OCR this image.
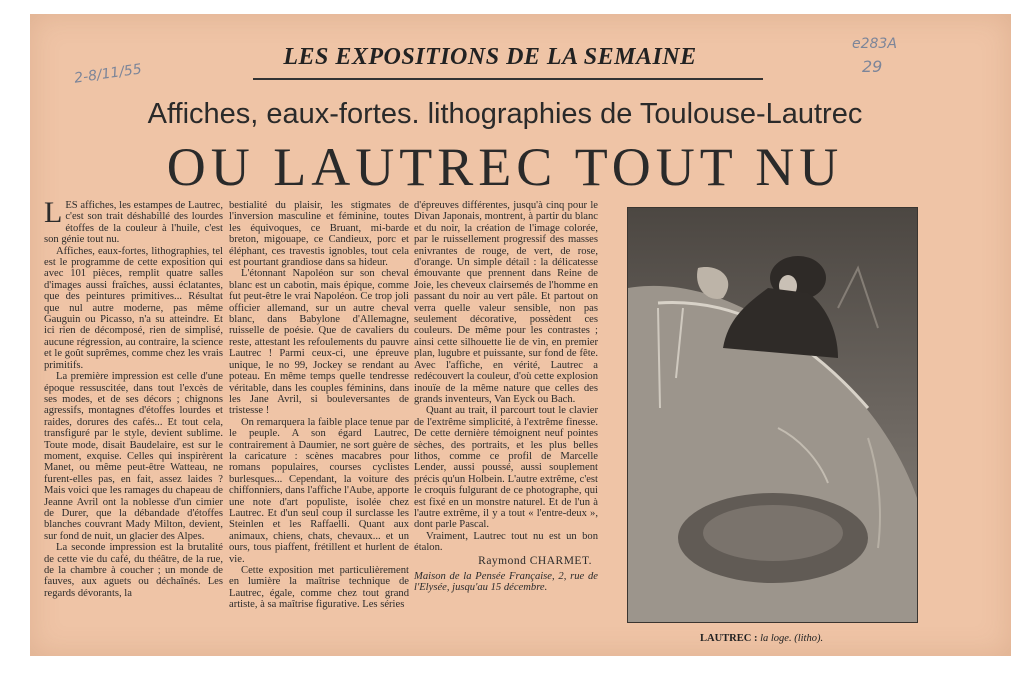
2-8/11/55
e283A
29
LES EXPOSITIONS DE LA SEMAINE
Affiches, eaux-fortes. lithographies de Toulouse-Lautrec
OU LAUTREC TOUT NU

LES affiches, les estampes de Lautrec, c'est son trait déshabillé des lourdes étoffes de la couleur à l'huile, c'est son génie tout nu.

Affiches, eaux-fortes, lithographies, tel est le programme de cette exposition qui avec 101 pièces, remplit quatre salles d'images aussi fraîches, aussi éclatantes, que des peintures primitives... Résultat que nul autre moderne, pas même Gauguin ou Picasso, n'a su atteindre. Et ici rien de décomposé, rien de simplisé, aucune régression, au contraire, la science et le goût suprêmes, comme chez les vrais primitifs.

La première impression est celle d'une époque ressuscitée, dans tout l'excès de ses modes, et de ses décors ; chignons agressifs, montagnes d'étoffes lourdes et raides, dorures des cafés... Et tout cela, transfiguré par le style, devient sublime. Toute mode, disait Baudelaire, est sur le moment, exquise. Celles qui inspirèrent Manet, ou même peut-être Watteau, ne furent-elles pas, en fait, assez laides ? Mais voici que les ramages du chapeau de Jeanne Avril ont la noblesse d'un cimier de Durer, que la débandade d'étoffes blanches couvrant Mady Milton, devient, sur fond de nuit, un glacier des Alpes.

La seconde impression est la brutalité de cette vie du café, du théâtre, de la rue, de la chambre à coucher ; un monde de fauves, aux aguets ou déchaînés. Les regards dévorants, la

bestialité du plaisir, les stigmates de l'inversion masculine et féminine, toutes les équivoques, ce Bruant, mi-barde breton, migouape, ce Candieux, porc et éléphant, ces travestis ignobles, tout cela est pourtant grandiose dans sa hideur.

L'étonnant Napoléon sur son cheval blanc est un cabotin, mais épique, comme fut peut-être le vrai Napoléon. Ce trop joli officier allemand, sur un autre cheval blanc, dans Babylone d'Allemagne, ruisselle de poésie. Que de cavaliers du reste, attestant les refoulements du pauvre Lautrec ! Parmi ceux-ci, une épreuve unique, le no 99, Jockey se rendant au poteau. En même temps quelle tendresse véritable, dans les couples féminins, dans les Jane Avril, si bouleversantes de tristesse !

On remarquera la faible place tenue par le peuple. A son égard Lautrec, contrairement à Daumier, ne sort guère de la caricature : scènes macabres pour romans populaires, courses cyclistes burlesques... Cependant, la voiture des chiffonniers, dans l'affiche l'Aube, apporte une note d'art populiste, isolée chez Lautrec. Et d'un seul coup il surclasse les Steinlen et les Raffaelli. Quant aux animaux, chiens, chats, chevaux... et un ours, tous piaffent, frétillent et hurlent de vie.

Cette exposition met particulièrement en lumière la maîtrise technique de Lautrec, égale, comme chez tout grand artiste, à sa maîtrise figurative. Les séries

d'épreuves différentes, jusqu'à cinq pour le Divan Japonais, montrent, à partir du blanc et du noir, la création de l'image colorée, par le ruissellement progressif des masses enivrantes de rouge, de vert, de rose, d'orange. Un simple détail : la délicatesse émouvante que prennent dans Reine de Joie, les cheveux clairsemés de l'homme en passant du noir au vert pâle. Et partout on verra quelle valeur sensible, non pas seulement décorative, possèdent ces couleurs. De même pour les contrastes ; ainsi cette silhouette lie de vin, en premier plan, lugubre et puissante, sur fond de fête. Avec l'affiche, en vérité, Lautrec a redécouvert la couleur, d'où cette explosion inouïe de la même nature que celles des grands inventeurs, Van Eyck ou Bach.

Quant au trait, il parcourt tout le clavier de l'extrême simplicité, à l'extrême finesse. De cette dernière témoignent neuf pointes sèches, des portraits, et les plus belles lithos, comme ce profil de Marcelle Lender, aussi poussé, aussi souplement précis qu'un Holbein. L'autre extrême, c'est le croquis fulgurant de ce photographe, qui est fixé en un monstre naturel. Et de l'un à l'autre extrême, il y a tout « l'entre-deux », dont parle Pascal.

Vraiment, Lautrec tout nu est un bon étalon.

Raymond CHARMET.
Maison de la Pensée Française, 2, rue de l'Elysée, jusqu'au 15 décembre.
LAUTREC : la loge. (litho).
